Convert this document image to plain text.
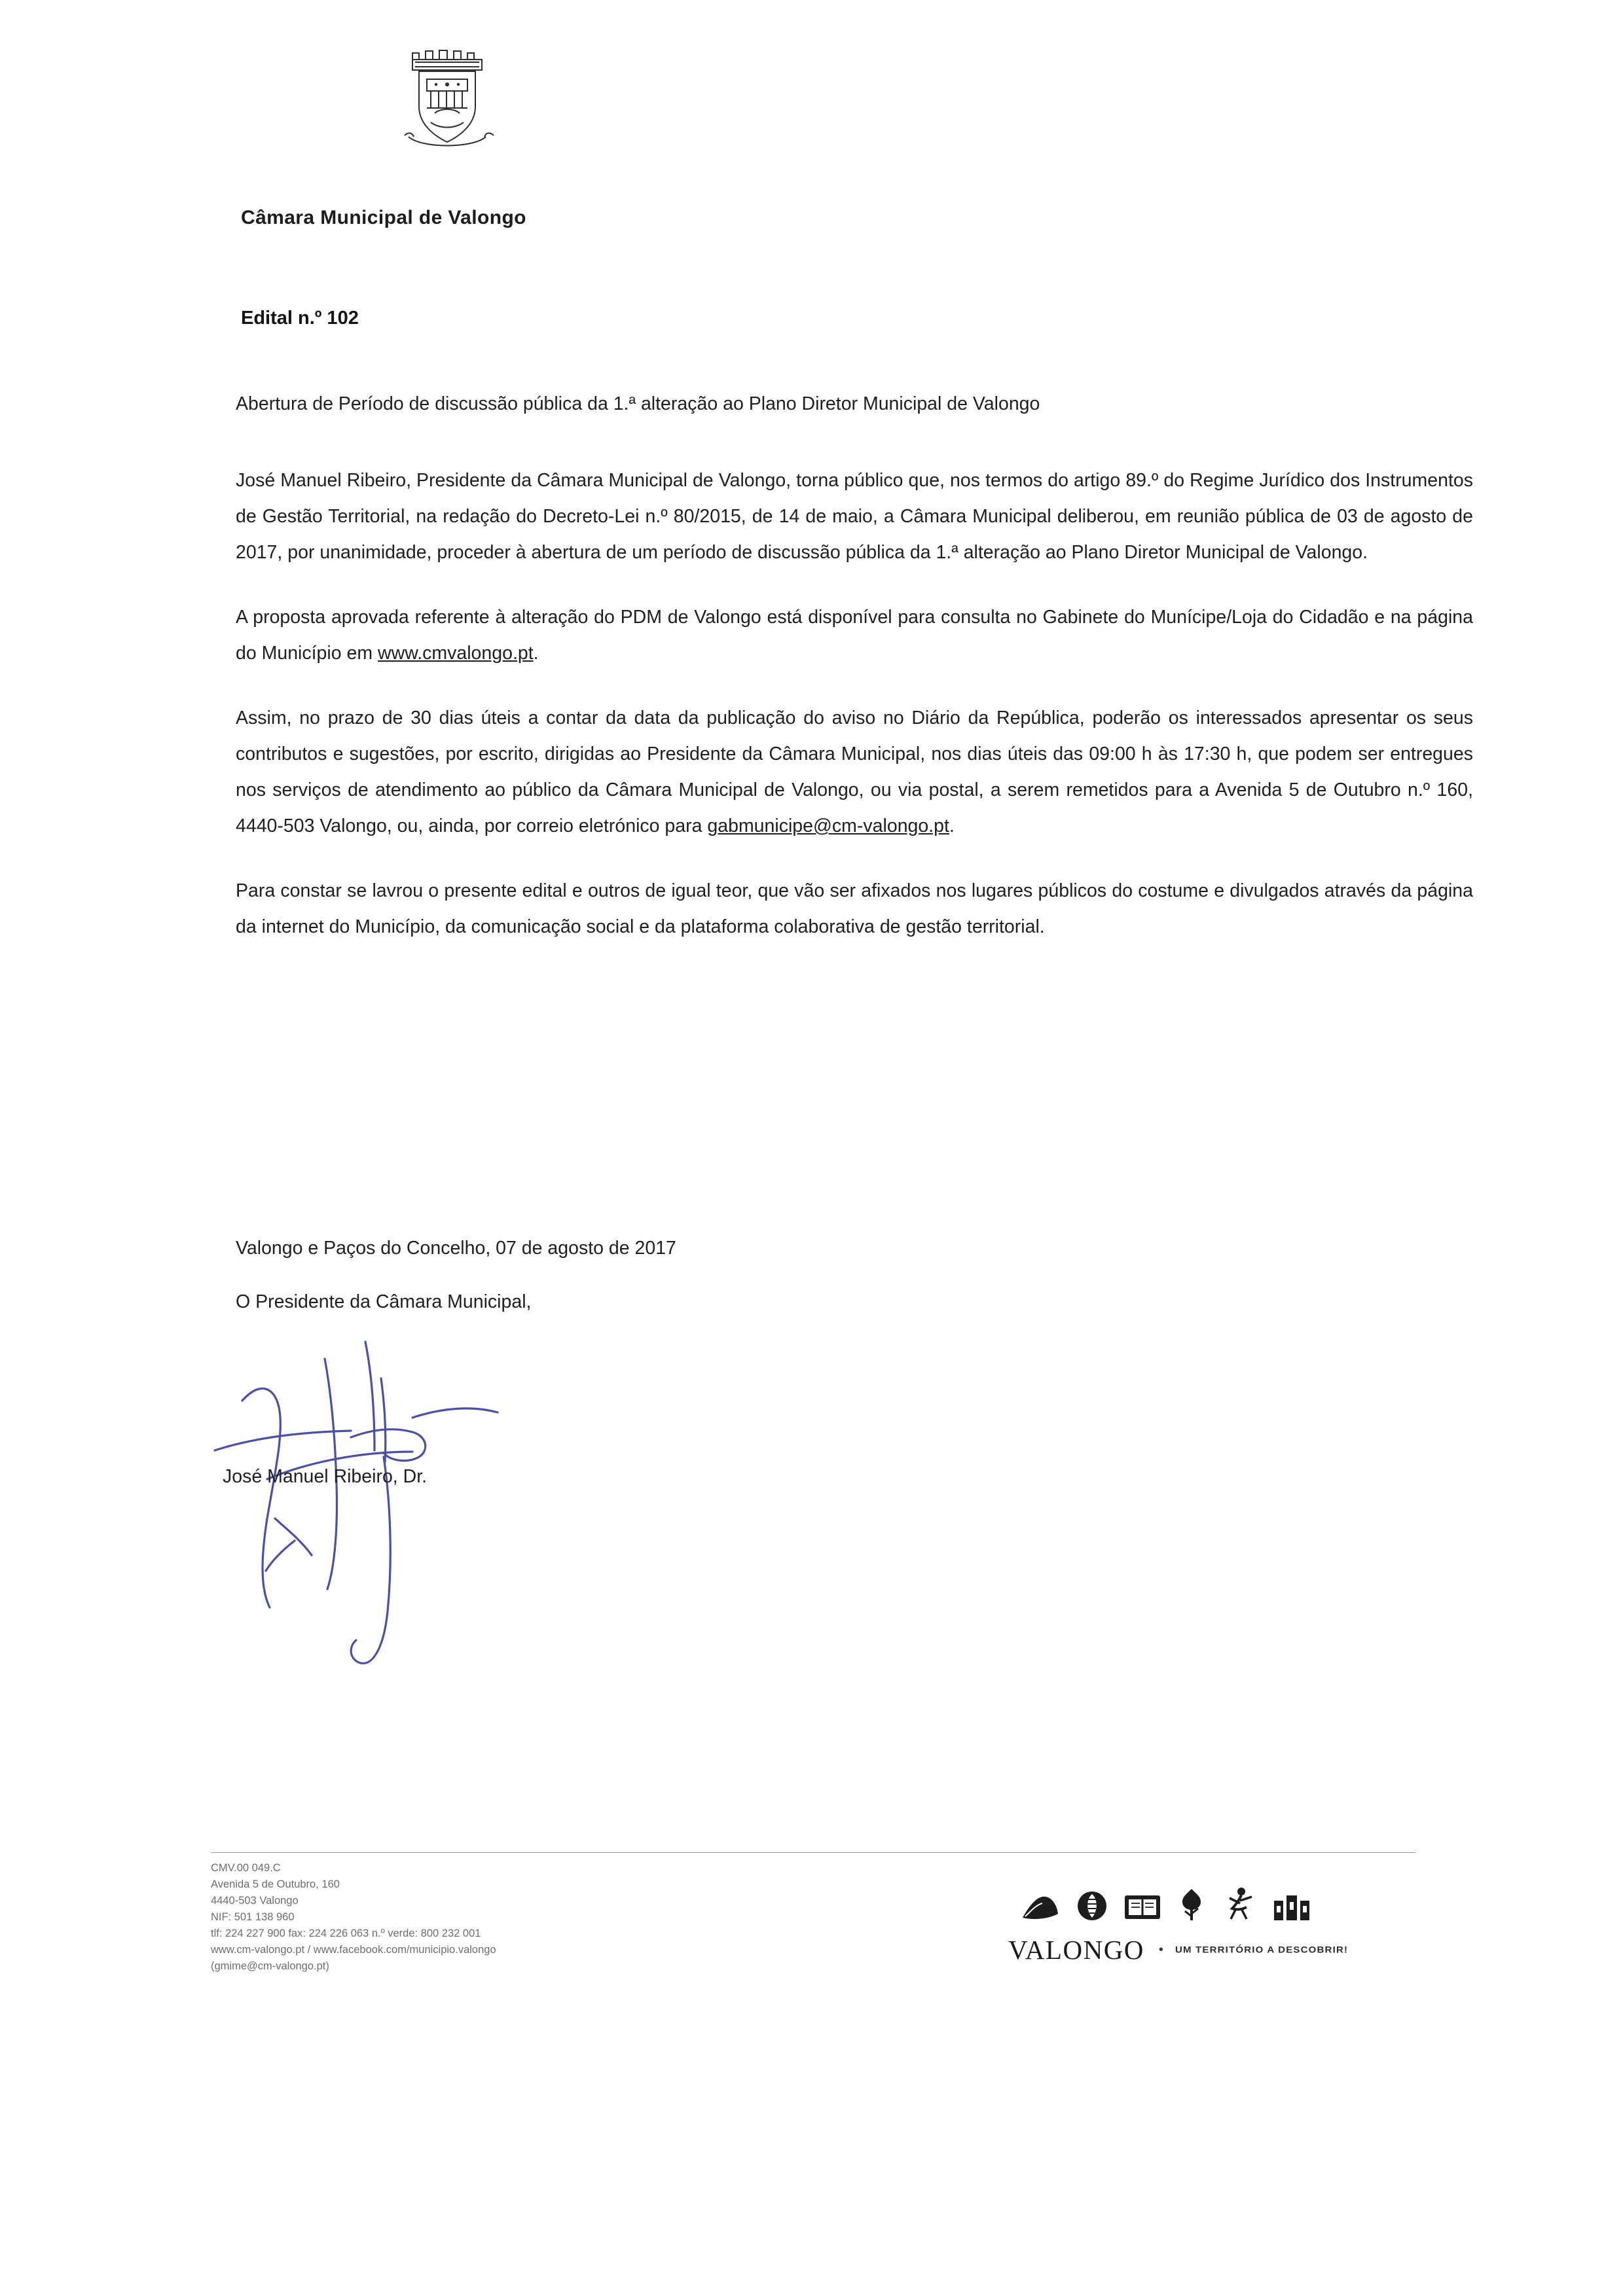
Câmara Municipal de Valongo
Edital n.º 102

Abertura de Período de discussão pública da 1.ª alteração ao Plano Diretor Municipal de Valongo

José Manuel Ribeiro, Presidente da Câmara Municipal de Valongo, torna público que, nos termos do artigo 89.º do Regime Jurídico dos Instrumentos de Gestão Territorial, na redação do Decreto-Lei n.º 80/2015, de 14 de maio, a Câmara Municipal deliberou, em reunião pública de 03 de agosto de 2017, por unanimidade, proceder à abertura de um período de discussão pública da 1.ª alteração ao Plano Diretor Municipal de Valongo.

A proposta aprovada referente à alteração do PDM de Valongo está disponível para consulta no Gabinete do Munícipe/Loja do Cidadão e na página do Município em www.cmvalongo.pt.

Assim, no prazo de 30 dias úteis a contar da data da publicação do aviso no Diário da República, poderão os interessados apresentar os seus contributos e sugestões, por escrito, dirigidas ao Presidente da Câmara Municipal, nos dias úteis das 09:00 h às 17:30 h, que podem ser entregues nos serviços de atendimento ao público da Câmara Municipal de Valongo, ou via postal, a serem remetidos para a Avenida 5 de Outubro n.º 160, 4440-503 Valongo, ou, ainda, por correio eletrónico para gabmunicipe@cm-valongo.pt.

Para constar se lavrou o presente edital e outros de igual teor, que vão ser afixados nos lugares públicos do costume e divulgados através da página da internet do Município, da comunicação social e da plataforma colaborativa de gestão territorial.

Valongo e Paços do Concelho, 07 de agosto de 2017

O Presidente da Câmara Municipal,

José Manuel Ribeiro, Dr.
CMV.00 049.C
Avenida 5 de Outubro, 160
4440-503 Valongo
NIF: 501 138 960
tlf: 224 227 900 fax: 224 226 063 n.º verde: 800 232 001
www.cm-valongo.pt / www.facebook.com/municipio.valongo
(gmime@cm-valongo.pt)
VALONGO • UM TERRITÓRIO A DESCOBRIR!
